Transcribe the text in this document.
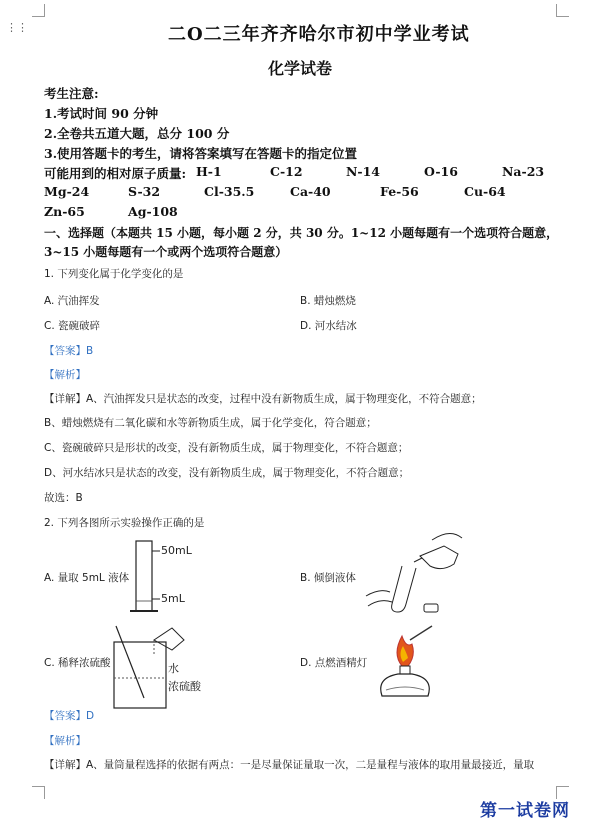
⋮⋮	二O二三年齐齐哈尔市初中学业考试
化学试卷
考生注意:
1.考试时间 90 分钟
2.全卷共五道大题，总分 100 分
3.使用答题卡的考生，请将答案填写在答题卡的指定位置
可能用到的相对原子质量: H-1	C-12	N-14	O-16	Na-23
Mg-24	S-32	Cl-35.5	Ca-40	Fe-56	Cu-64
Zn-65	Ag-108
一、选择题（本题共 15 小题，每小题 2 分，共 30 分。1~12 小题每题有一个选项符合题意，
3~15 小题每题有一个或两个选项符合题意）
1. 下列变化属于化学变化的是
A. 汽油挥发	B. 蜡烛燃烧
C. 瓷碗破碎	D. 河水结冰
【答案】B
【解析】
【详解】A、汽油挥发只是状态的改变，过程中没有新物质生成，属于物理变化，不符合题意；
B、蜡烛燃烧有二氧化碳和水等新物质生成，属于化学变化，符合题意；
C、瓷碗破碎只是形状的改变，没有新物质生成，属于物理变化，不符合题意；
D、河水结冰只是状态的改变，没有新物质生成，属于物理变化，不符合题意；
故选：B
2. 下列各图所示实验操作正确的是
50mL
5mL
A. 量取 5mL 液体	B. 倾倒液体
水
浓硫酸
C. 稀释浓硫酸	D. 点燃酒精灯
【答案】D
【解析】
【详解】A、量筒量程选择的依据有两点：一是尽量保证量取一次，二是量程与液体的取用量最接近，量取
第一试卷网
